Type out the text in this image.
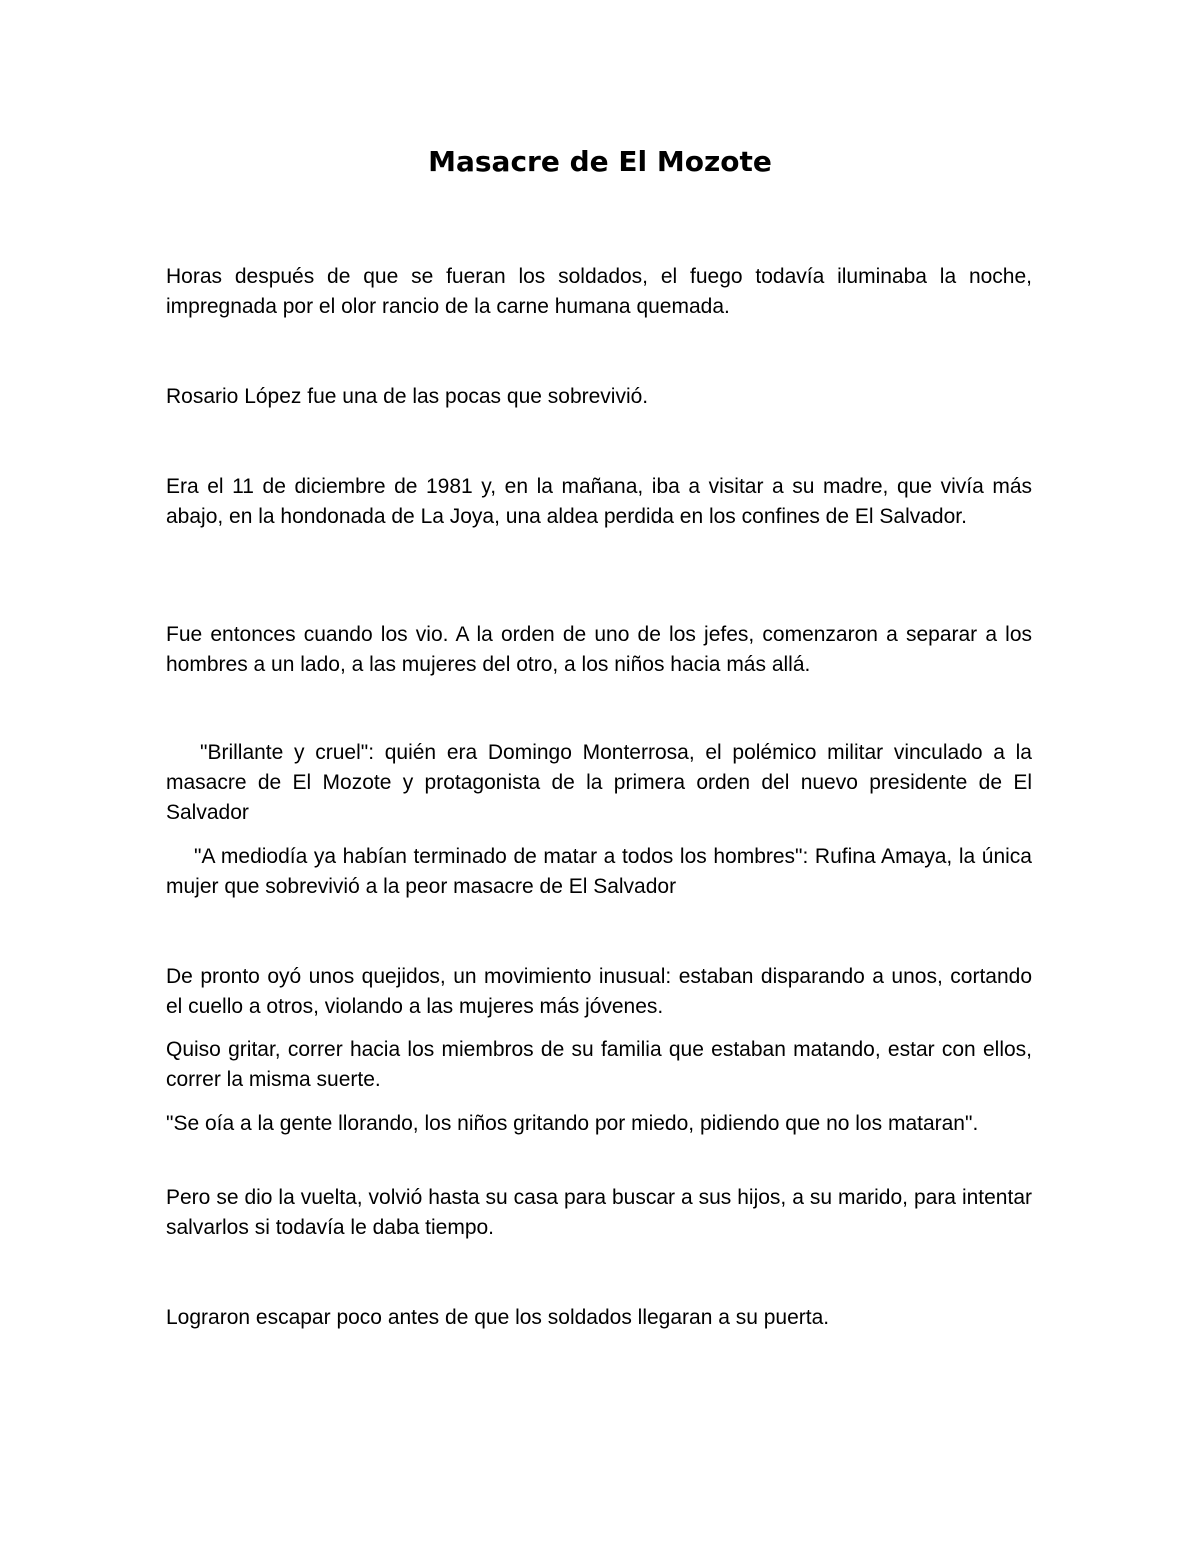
Masacre de El Mozote

Horas después de que se fueran los soldados, el fuego todavía iluminaba la noche, impregnada por el olor rancio de la carne humana quemada.

Rosario López fue una de las pocas que sobrevivió.

Era el 11 de diciembre de 1981 y, en la mañana, iba a visitar a su madre, que vivía más abajo, en la hondonada de La Joya, una aldea perdida en los confines de El Salvador.

Fue entonces cuando los vio. A la orden de uno de los jefes, comenzaron a separar a los hombres a un lado, a las mujeres del otro, a los niños hacia más allá.

"Brillante y cruel": quién era Domingo Monterrosa, el polémico militar vinculado a la masacre de El Mozote y protagonista de la primera orden del nuevo presidente de El Salvador

"A mediodía ya habían terminado de matar a todos los hombres": Rufina Amaya, la única mujer que sobrevivió a la peor masacre de El Salvador

De pronto oyó unos quejidos, un movimiento inusual: estaban disparando a unos, cortando el cuello a otros, violando a las mujeres más jóvenes.

Quiso gritar, correr hacia los miembros de su familia que estaban matando, estar con ellos, correr la misma suerte.

"Se oía a la gente llorando, los niños gritando por miedo, pidiendo que no los mataran".

Pero se dio la vuelta, volvió hasta su casa para buscar a sus hijos, a su marido, para intentar salvarlos si todavía le daba tiempo.

Lograron escapar poco antes de que los soldados llegaran a su puerta.
